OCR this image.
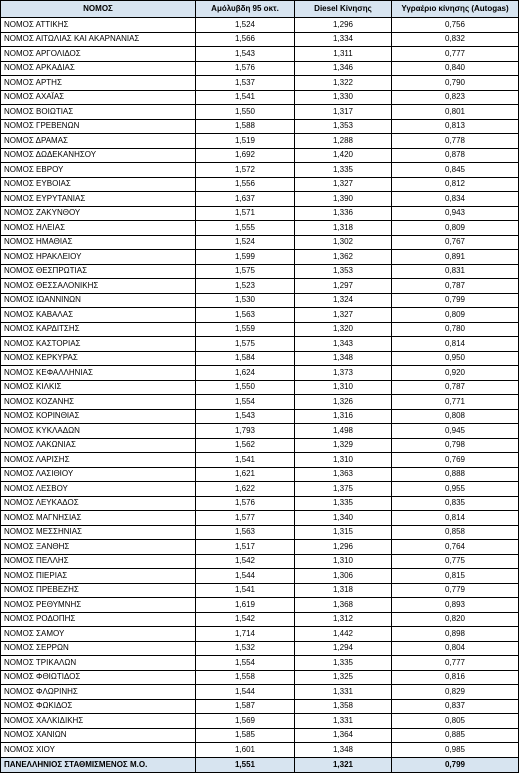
ΝΟΜΟΣ	Αμόλυβδη 95 οκτ.	Diesel Κίνησης	Υγραέριο κίνησης (Autogas)
ΝΟΜΟΣ ΑΤΤΙΚΗΣ	1,524	1,296	0,756
ΝΟΜΟΣ ΑΙΤΩΛΙΑΣ ΚΑΙ ΑΚΑΡΝΑΝΙΑΣ	1,566	1,334	0,832
ΝΟΜΟΣ ΑΡΓΟΛΙΔΟΣ	1,543	1,311	0,777
ΝΟΜΟΣ ΑΡΚΑΔΙΑΣ	1,576	1,346	0,840
ΝΟΜΟΣ ΑΡΤΗΣ	1,537	1,322	0,790
ΝΟΜΟΣ ΑΧΑΪΑΣ	1,541	1,330	0,823
ΝΟΜΟΣ ΒΟΙΩΤΙΑΣ	1,550	1,317	0,801
ΝΟΜΟΣ ΓΡΕΒΕΝΩΝ	1,588	1,353	0,813
ΝΟΜΟΣ ΔΡΑΜΑΣ	1,519	1,288	0,778
ΝΟΜΟΣ ΔΩΔΕΚΑΝΗΣΟΥ	1,692	1,420	0,878
ΝΟΜΟΣ ΕΒΡΟΥ	1,572	1,335	0,845
ΝΟΜΟΣ ΕΥΒΟΙΑΣ	1,556	1,327	0,812
ΝΟΜΟΣ ΕΥΡΥΤΑΝΙΑΣ	1,637	1,390	0,834
ΝΟΜΟΣ ΖΑΚΥΝΘΟΥ	1,571	1,336	0,943
ΝΟΜΟΣ ΗΛΕΙΑΣ	1,555	1,318	0,809
ΝΟΜΟΣ ΗΜΑΘΙΑΣ	1,524	1,302	0,767
ΝΟΜΟΣ ΗΡΑΚΛΕΙΟΥ	1,599	1,362	0,891
ΝΟΜΟΣ ΘΕΣΠΡΩΤΙΑΣ	1,575	1,353	0,831
ΝΟΜΟΣ ΘΕΣΣΑΛΟΝΙΚΗΣ	1,523	1,297	0,787
ΝΟΜΟΣ ΙΩΑΝΝΙΝΩΝ	1,530	1,324	0,799
ΝΟΜΟΣ ΚΑΒΑΛΑΣ	1,563	1,327	0,809
ΝΟΜΟΣ ΚΑΡΔΙΤΣΗΣ	1,559	1,320	0,780
ΝΟΜΟΣ ΚΑΣΤΟΡΙΑΣ	1,575	1,343	0,814
ΝΟΜΟΣ ΚΕΡΚΥΡΑΣ	1,584	1,348	0,950
ΝΟΜΟΣ ΚΕΦΑΛΛΗΝΙΑΣ	1,624	1,373	0,920
ΝΟΜΟΣ ΚΙΛΚΙΣ	1,550	1,310	0,787
ΝΟΜΟΣ ΚΟΖΑΝΗΣ	1,554	1,326	0,771
ΝΟΜΟΣ ΚΟΡΙΝΘΙΑΣ	1,543	1,316	0,808
ΝΟΜΟΣ ΚΥΚΛΑΔΩΝ	1,793	1,498	0,945
ΝΟΜΟΣ ΛΑΚΩΝΙΑΣ	1,562	1,329	0,798
ΝΟΜΟΣ ΛΑΡΙΣΗΣ	1,541	1,310	0,769
ΝΟΜΟΣ ΛΑΣΙΘΙΟΥ	1,621	1,363	0,888
ΝΟΜΟΣ ΛΕΣΒΟΥ	1,622	1,375	0,955
ΝΟΜΟΣ ΛΕΥΚΑΔΟΣ	1,576	1,335	0,835
ΝΟΜΟΣ ΜΑΓΝΗΣΙΑΣ	1,577	1,340	0,814
ΝΟΜΟΣ ΜΕΣΣΗΝΙΑΣ	1,563	1,315	0,858
ΝΟΜΟΣ ΞΑΝΘΗΣ	1,517	1,296	0,764
ΝΟΜΟΣ ΠΕΛΛΗΣ	1,542	1,310	0,775
ΝΟΜΟΣ ΠΙΕΡΙΑΣ	1,544	1,306	0,815
ΝΟΜΟΣ ΠΡΕΒΕΖΗΣ	1,541	1,318	0,779
ΝΟΜΟΣ ΡΕΘΥΜΝΗΣ	1,619	1,368	0,893
ΝΟΜΟΣ ΡΟΔΟΠΗΣ	1,542	1,312	0,820
ΝΟΜΟΣ ΣΑΜΟΥ	1,714	1,442	0,898
ΝΟΜΟΣ ΣΕΡΡΩΝ	1,532	1,294	0,804
ΝΟΜΟΣ ΤΡΙΚΑΛΩΝ	1,554	1,335	0,777
ΝΟΜΟΣ ΦΘΙΩΤΙΔΟΣ	1,558	1,325	0,816
ΝΟΜΟΣ ΦΛΩΡΙΝΗΣ	1,544	1,331	0,829
ΝΟΜΟΣ ΦΩΚΙΔΟΣ	1,587	1,358	0,837
ΝΟΜΟΣ ΧΑΛΚΙΔΙΚΗΣ	1,569	1,331	0,805
ΝΟΜΟΣ ΧΑΝΙΩΝ	1,585	1,364	0,885
ΝΟΜΟΣ ΧΙΟΥ	1,601	1,348	0,985
ΠΑΝΕΛΛΗΝΙΟΣ ΣΤΑΘΜΙΣΜΕΝΟΣ Μ.Ο.	1,551	1,321	0,799
